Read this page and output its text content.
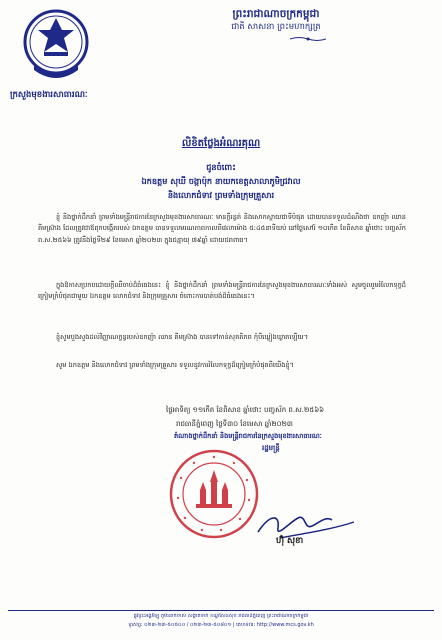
ព្រះរាជាណាចក្រកម្ពុជា
ជាតិ សាសនា ព្រះមហាក្សត្រ
ក្រសួងមុខងារសាធារណៈ
លិខិតថ្លែងអំណរគុណ
ជូនចំពោះ
ឯកឧត្តម សុឃី ចង្កាប៉ុក នាយកខេត្តសាលាភូមិជ្រវាល
និងលោកជំទាវ ព្រមទាំងក្រុមគ្រួសារ
ខ្ញុំ និងថ្នាក់ដឹកនាំ ព្រមទាំងមន្ត្រីរាជការនៃក្រសួងមុខងារសាធារណៈ មានក្ដីរន្ធត់ និងសោកស្ដាយជាទីបំផុត ដោយបានទទួលដំណឹងថា ឧកញ៉ា ឈាន គីមស្រ៊ាង ដែលត្រូវជាឪពុកបង្កើតរបស់ ឯកឧត្តម បានទទួលមរណភាពកាលពីវេលាម៉ោង ៥:៤៥នាទីយប់ នៅថ្ងៃសៅរ៍ ១០កើត ខែពិសាខ ឆ្នាំថោះ បញ្ចស័ក ព.ស.២៥៦៦ ត្រូវនឹងថ្ងៃទី២៩ ខែមេសា ឆ្នាំ២០២៣ ក្នុងជន្មាយុ ៧៩ឆ្នាំ ដោយជរាពាធ។
ក្នុងឱកាសប្រកបដោយក្ដីឈឺចាប់ដ៏ធំធេងនេះ ខ្ញុំ និងថ្នាក់ដឹកនាំ ព្រមទាំងមន្ត្រីរាជការនៃក្រសួងមុខងារសាធារណៈទាំងអស់ សូមចូលរួមរំលែកទុក្ខដ៏ក្រៀមក្រំបំផុតជាមួយ ឯកឧត្តម លោកជំទាវ និងក្រុមគ្រួសារ ចំពោះការបាត់បង់ដ៏ធំធេងនេះ។
ខ្ញុំសូមបួងសួងដល់វិញ្ញាណក្ខន្ធរបស់ឧកញ៉ា ឈាន គីមស្រ៊ាង បានទៅកាន់សុគតិភព កុំបីឃ្លៀងឃ្លាតឡើយ។
សូម ឯកឧត្តម និងលោកជំទាវ ព្រមទាំងក្រុមគ្រួសារ ទទួលនូវការរំលែកទុក្ខដ៏ក្រៀមក្រំបំផុតពីយើងខ្ញុំ។
ថ្ងៃអាទិត្យ ១១កើត ខែពិសាខ ឆ្នាំថោះ បញ្ចស័ក ព.ស.២៥៦៦
រាជធានីភ្នំពេញ ថ្ងៃទី៣០ ខែមេសា ឆ្នាំ២០២៣
តំណាងថ្នាក់ដឹកនាំ និងមន្ត្រីរាជការនៃក្រសួងមុខងារសាធារណៈ
រដ្ឋមន្ត្រី
ហ៊ុំ សុខា
ផ្លូវព្រះអង្គអ៊ីឡូ ភូមិរនាកចាស់ សង្កាត់ចាក់ ខណ្ឌសែនសុខ រាជធានីភ្នំពេញ ព្រះរាជាណាចក្រកម្ពុជា
ទូរស័ព្ទ: ០២៣-២៣-៥០៥០០ / ០២៣-២៣-៥០៨០១ | គេហទំព័រ: http://www.mcs.gov.kh
